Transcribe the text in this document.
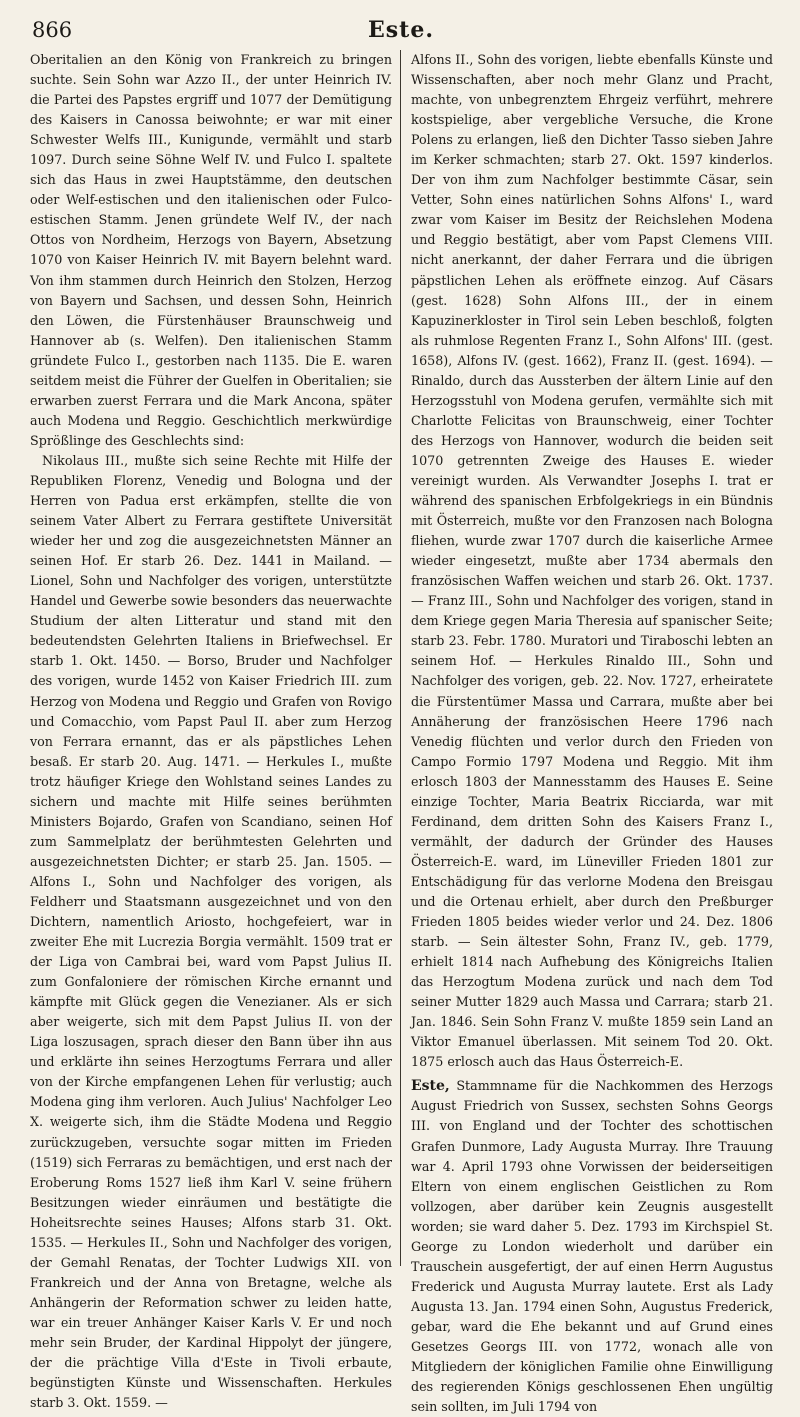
866	Este.

Oberitalien an den König von Frankreich zu bringen suchte. Sein Sohn war Azzo II., der unter Heinrich IV. die Partei des Papstes ergriff und 1077 der Demütigung des Kaisers in Canossa beiwohnte; er war mit einer Schwester Welfs III., Kunigunde, vermählt und starb 1097. Durch seine Söhne Welf IV. und Fulco I. spaltete sich das Haus in zwei Hauptstämme, den deutschen oder Welf-estischen und den italienischen oder Fulco-estischen Stamm. Jenen gründete Welf IV., der nach Ottos von Nordheim, Herzogs von Bayern, Absetzung 1070 von Kaiser Heinrich IV. mit Bayern belehnt ward. Von ihm stammen durch Heinrich den Stolzen, Herzog von Bayern und Sachsen, und dessen Sohn, Heinrich den Löwen, die Fürstenhäuser Braunschweig und Hannover ab (s. Welfen). Den italienischen Stamm gründete Fulco I., gestorben nach 1135. Die E. waren seitdem meist die Führer der Guelfen in Oberitalien; sie erwarben zuerst Ferrara und die Mark Ancona, später auch Modena und Reggio. Geschichtlich merkwürdige Sprößlinge des Geschlechts sind:

Nikolaus III., mußte sich seine Rechte mit Hilfe der Republiken Florenz, Venedig und Bologna und der Herren von Padua erst erkämpfen, stellte die von seinem Vater Albert zu Ferrara gestiftete Universität wieder her und zog die ausgezeichnetsten Männer an seinen Hof. Er starb 26. Dez. 1441 in Mailand. — Lionel, Sohn und Nachfolger des vorigen, unterstützte Handel und Gewerbe sowie besonders das neuerwachte Studium der alten Litteratur und stand mit den bedeutendsten Gelehrten Italiens in Briefwechsel. Er starb 1. Okt. 1450. — Borso, Bruder und Nachfolger des vorigen, wurde 1452 von Kaiser Friedrich III. zum Herzog von Modena und Reggio und Grafen von Rovigo und Comacchio, vom Papst Paul II. aber zum Herzog von Ferrara ernannt, das er als päpstliches Lehen besaß. Er starb 20. Aug. 1471. — Herkules I., mußte trotz häufiger Kriege den Wohlstand seines Landes zu sichern und machte mit Hilfe seines berühmten Ministers Bojardo, Grafen von Scandiano, seinen Hof zum Sammelplatz der berühmtesten Gelehrten und ausgezeichnetsten Dichter; er starb 25. Jan. 1505. — Alfons I., Sohn und Nachfolger des vorigen, als Feldherr und Staatsmann ausgezeichnet und von den Dichtern, namentlich Ariosto, hochgefeiert, war in zweiter Ehe mit Lucrezia Borgia vermählt. 1509 trat er der Liga von Cambrai bei, ward vom Papst Julius II. zum Gonfaloniere der römischen Kirche ernannt und kämpfte mit Glück gegen die Venezianer. Als er sich aber weigerte, sich mit dem Papst Julius II. von der Liga loszusagen, sprach dieser den Bann über ihn aus und erklärte ihn seines Herzogtums Ferrara und aller von der Kirche empfangenen Lehen für verlustig; auch Modena ging ihm verloren. Auch Julius' Nachfolger Leo X. weigerte sich, ihm die Städte Modena und Reggio zurückzugeben, versuchte sogar mitten im Frieden (1519) sich Ferraras zu bemächtigen, und erst nach der Eroberung Roms 1527 ließ ihm Karl V. seine frühern Besitzungen wieder einräumen und bestätigte die Hoheitsrechte seines Hauses; Alfons starb 31. Okt. 1535. — Herkules II., Sohn und Nachfolger des vorigen, der Gemahl Renatas, der Tochter Ludwigs XII. von Frankreich und der Anna von Bretagne, welche als Anhängerin der Reformation schwer zu leiden hatte, war ein treuer Anhänger Kaiser Karls V. Er und noch mehr sein Bruder, der Kardinal Hippolyt der jüngere, der die prächtige Villa d'Este in Tivoli erbaute, begünstigten Künste und Wissenschaften. Herkules starb 3. Okt. 1559. —

Alfons II., Sohn des vorigen, liebte ebenfalls Künste und Wissenschaften, aber noch mehr Glanz und Pracht, machte, von unbegrenztem Ehrgeiz verführt, mehrere kostspielige, aber vergebliche Versuche, die Krone Polens zu erlangen, ließ den Dichter Tasso sieben Jahre im Kerker schmachten; starb 27. Okt. 1597 kinderlos. Der von ihm zum Nachfolger bestimmte Cäsar, sein Vetter, Sohn eines natürlichen Sohns Alfons' I., ward zwar vom Kaiser im Besitz der Reichslehen Modena und Reggio bestätigt, aber vom Papst Clemens VIII. nicht anerkannt, der daher Ferrara und die übrigen päpstlichen Lehen als eröffnete einzog. Auf Cäsars (gest. 1628) Sohn Alfons III., der in einem Kapuzinerkloster in Tirol sein Leben beschloß, folgten als ruhmlose Regenten Franz I., Sohn Alfons' III. (gest. 1658), Alfons IV. (gest. 1662), Franz II. (gest. 1694). — Rinaldo, durch das Aussterben der ältern Linie auf den Herzogsstuhl von Modena gerufen, vermählte sich mit Charlotte Felicitas von Braunschweig, einer Tochter des Herzogs von Hannover, wodurch die beiden seit 1070 getrennten Zweige des Hauses E. wieder vereinigt wurden. Als Verwandter Josephs I. trat er während des spanischen Erbfolgekriegs in ein Bündnis mit Österreich, mußte vor den Franzosen nach Bologna fliehen, wurde zwar 1707 durch die kaiserliche Armee wieder eingesetzt, mußte aber 1734 abermals den französischen Waffen weichen und starb 26. Okt. 1737. — Franz III., Sohn und Nachfolger des vorigen, stand in dem Kriege gegen Maria Theresia auf spanischer Seite; starb 23. Febr. 1780. Muratori und Tiraboschi lebten an seinem Hof. — Herkules Rinaldo III., Sohn und Nachfolger des vorigen, geb. 22. Nov. 1727, erheiratete die Fürstentümer Massa und Carrara, mußte aber bei Annäherung der französischen Heere 1796 nach Venedig flüchten und verlor durch den Frieden von Campo Formio 1797 Modena und Reggio. Mit ihm erlosch 1803 der Mannesstamm des Hauses E. Seine einzige Tochter, Maria Beatrix Ricciarda, war mit Ferdinand, dem dritten Sohn des Kaisers Franz I., vermählt, der dadurch der Gründer des Hauses Österreich-E. ward, im Lüneviller Frieden 1801 zur Entschädigung für das verlorne Modena den Breisgau und die Ortenau erhielt, aber durch den Preßburger Frieden 1805 beides wieder verlor und 24. Dez. 1806 starb. — Sein ältester Sohn, Franz IV., geb. 1779, erhielt 1814 nach Aufhebung des Königreichs Italien das Herzogtum Modena zurück und nach dem Tod seiner Mutter 1829 auch Massa und Carrara; starb 21. Jan. 1846. Sein Sohn Franz V. mußte 1859 sein Land an Viktor Emanuel überlassen. Mit seinem Tod 20. Okt. 1875 erlosch auch das Haus Österreich-E.

Este, Stammname für die Nachkommen des Herzogs August Friedrich von Sussex, sechsten Sohns Georgs III. von England und der Tochter des schottischen Grafen Dunmore, Lady Augusta Murray. Ihre Trauung war 4. April 1793 ohne Vorwissen der beiderseitigen Eltern von einem englischen Geistlichen zu Rom vollzogen, aber darüber kein Zeugnis ausgestellt worden; sie ward daher 5. Dez. 1793 im Kirchspiel St. George zu London wiederholt und darüber ein Trauschein ausgefertigt, der auf einen Herrn Augustus Frederick und Augusta Murray lautete. Erst als Lady Augusta 13. Jan. 1794 einen Sohn, Augustus Frederick, gebar, ward die Ehe bekannt und auf Grund eines Gesetzes Georgs III. von 1772, wonach alle von Mitgliedern der königlichen Familie ohne Einwilligung des regierenden Königs geschlossenen Ehen ungültig sein sollten, im Juli 1794 von
